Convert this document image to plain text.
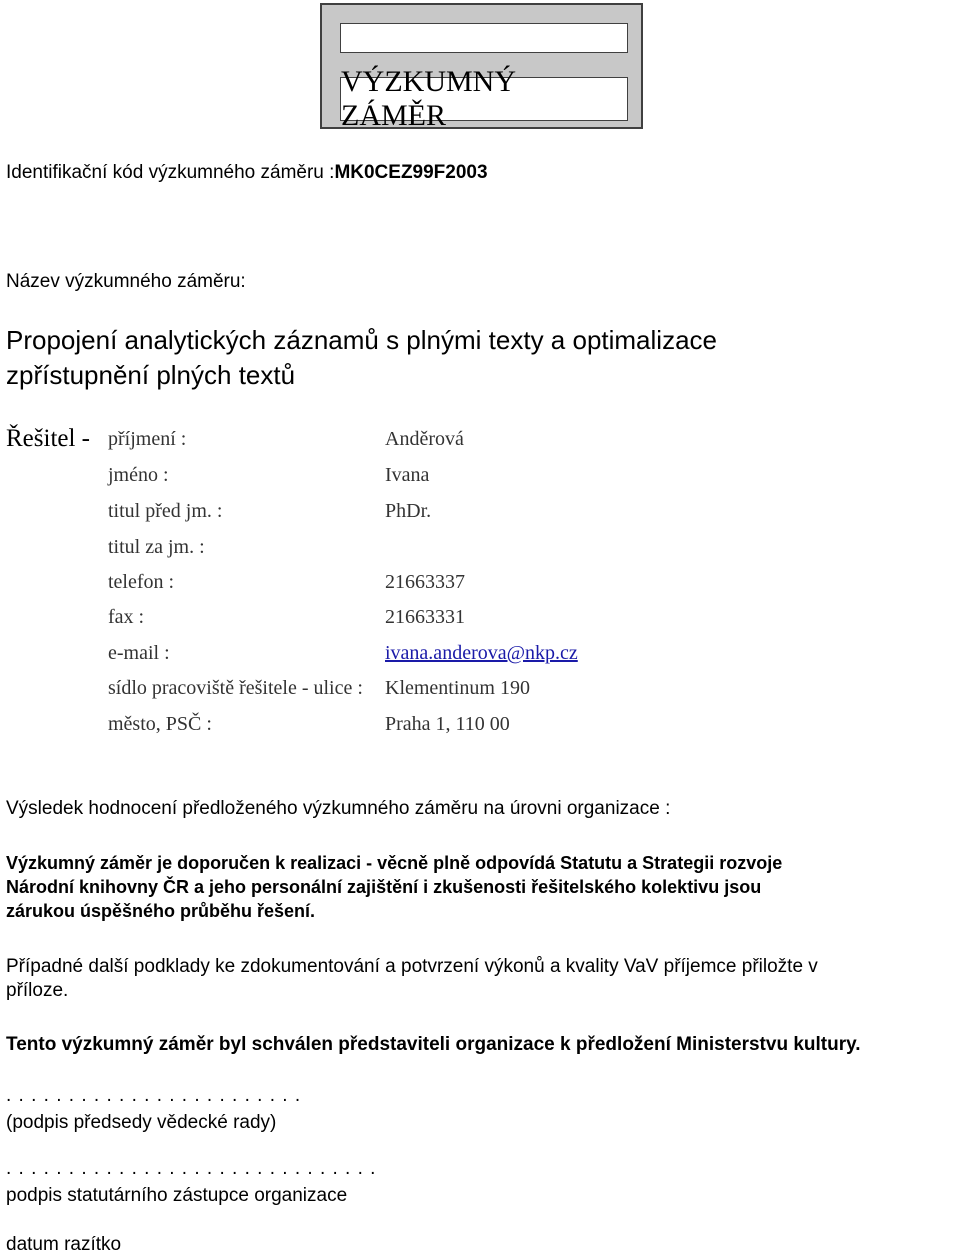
VÝZKUMNÝ ZÁMĚR
Identifikační kód výzkumného záměru :MK0CEZ99F2003
Název výzkumného záměru:
Propojení analytických záznamů s plnými texty a optimalizace
zpřístupnění plných textů
Řešitel - příjmení :	Anděrová
jméno :	Ivana
titul před jm. :	PhDr.
titul za jm. :
telefon :	21663337
fax :	21663331
e-mail :	ivana.anderova@nkp.cz
sídlo pracoviště řešitele - ulice : Klementinum 190
město, PSČ :	Praha 1, 110 00
Výsledek hodnocení předloženého výzkumného záměru na úrovni organizace :
Výzkumný záměr je doporučen k realizaci - věcně plně odpovídá Statutu a Strategii rozvoje
Národní knihovny ČR a jeho personální zajištění i zkušenosti řešitelského kolektivu jsou
zárukou úspěšného průběhu řešení.
Případné další podklady ke zdokumentování a potvrzení výkonů a kvality VaV příjemce přiložte v
příloze.
Tento výzkumný záměr byl schválen představiteli organizace k předložení Ministerstvu kultury.
. . . . . . . . . . . . . . . . . . . . . . . .
(podpis předsedy vědecké rady)
. . . . . . . . . . . . . . . . . . . . . . . . . . . . . .
podpis statutárního zástupce organizace
datum razítko
